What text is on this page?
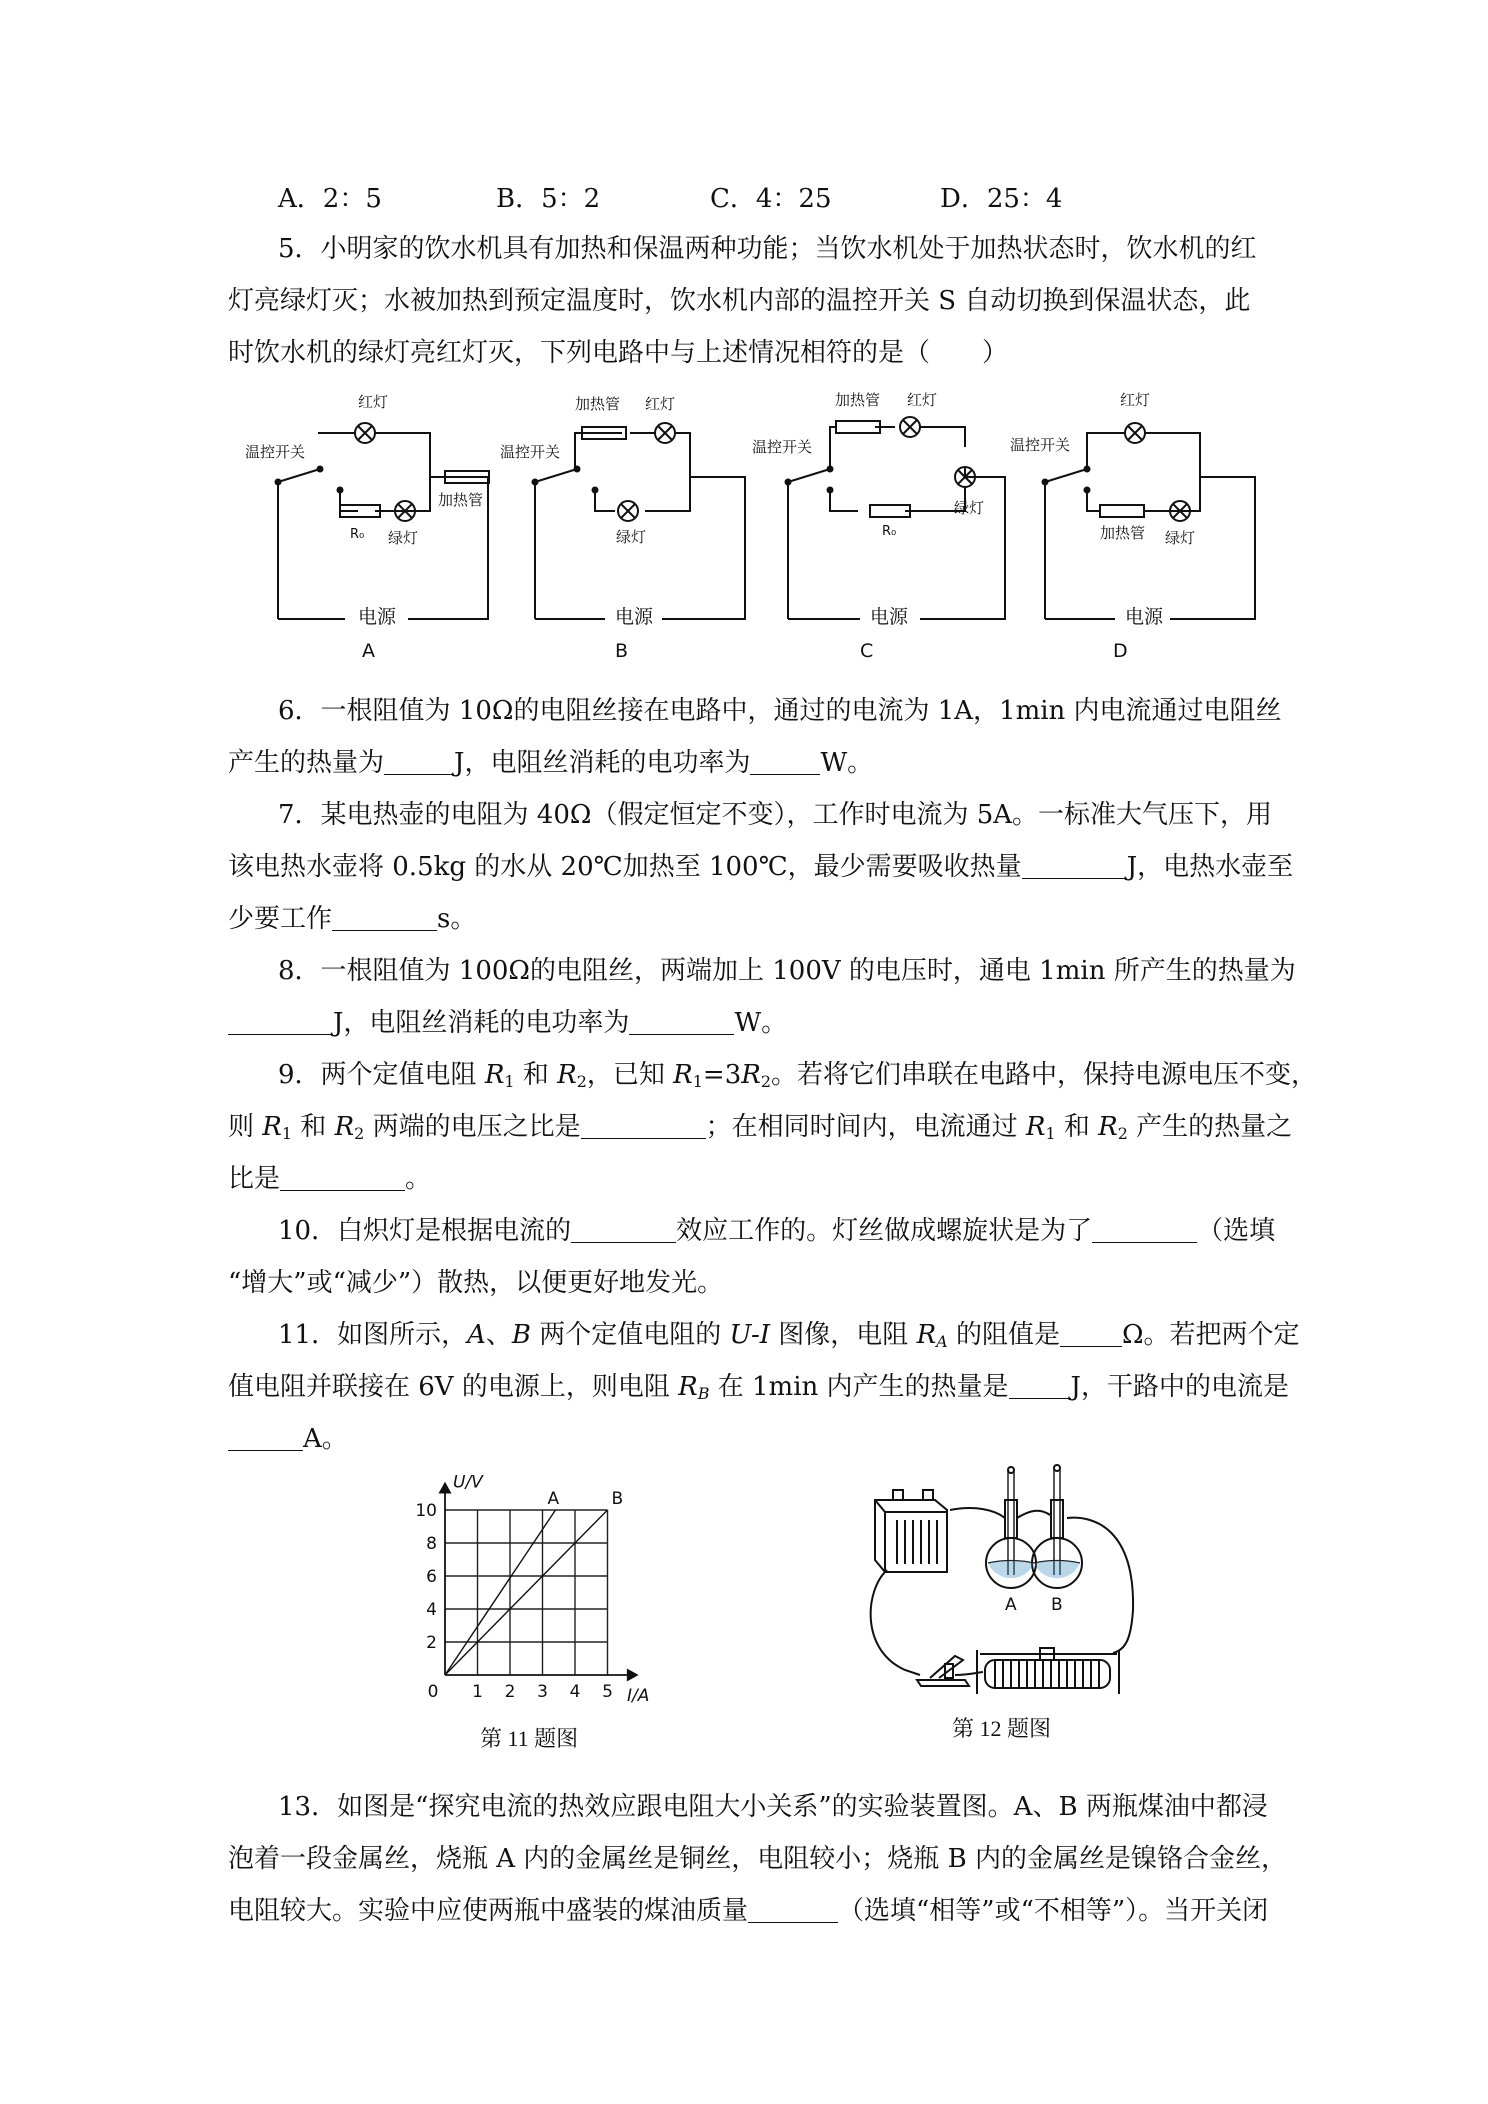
A．2：5	B．5：2	C．4：25	D．25：4
5．小明家的饮水机具有加热和保温两种功能；当饮水机处于加热状态时，饮水机的红
灯亮绿灯灭；水被加热到预定温度时，饮水机内部的温控开关 S 自动切换到保温状态，此
时饮水机的绿灯亮红灯灭，下列电路中与上述情况相符的是（　　）
红灯
温控开关
加热管
R₀ 绿灯
电源
A
加热管 红灯
温控开关
绿灯
电源
B
加热管 红灯
温控开关
绿灯
R₀
电源
C
红灯
温控开关
加热管 绿灯
电源
D
6．一根阻值为 10Ω的电阻丝接在电路中，通过的电流为 1A，1min 内电流通过电阻丝
产生的热量为	J，电阻丝消耗的电功率为	W。
7．某电热壶的电阻为 40Ω（假定恒定不变），工作时电流为 5A。一标准大气压下，用
该电热水壶将 0.5kg 的水从 20℃加热至 100℃，最少需要吸收热量	J，电热水壶至
少要工作	s。
8．一根阻值为 100Ω的电阻丝，两端加上 100V 的电压时，通电 1min 所产生的热量为
J，电阻丝消耗的电功率为	W。
9．两个定值电阻 $R_1$ 和 $R_2$，已知 $R_1=3R_2$。若将它们串联在电路中，保持电源电压不变，
则 $R_1$ 和 $R_2$ 两端的电压之比是	；在相同时间内，电流通过 $R_1$ 和 $R_2$ 产生的热量之
比是	。
10．白炽灯是根据电流的	效应工作的。灯丝做成螺旋状是为了	（选填
“增大”或“减少”）散热，以便更好地发光。
11．如图所示，A、B 两个定值电阻的 U-I 图像，电阻 $R_A$ 的阻值是 Ω。若把两个定
值电阻并联接在 6V 的电源上，则电阻 $R_B$ 在 1min 内产生的热量是 J，干路中的电流是
A。
10
8
6
4
2
0 1 2 3 4 5
U/V
I/A
A	B
第 11 题图
A B
第 12 题图
13．如图是“探究电流的热效应跟电阻大小关系”的实验装置图。A、B 两瓶煤油中都浸
泡着一段金属丝，烧瓶 A 内的金属丝是铜丝，电阻较小；烧瓶 B 内的金属丝是镍铬合金丝，
电阻较大。实验中应使两瓶中盛装的煤油质量	（选填“相等”或“不相等”）。当开关闭
